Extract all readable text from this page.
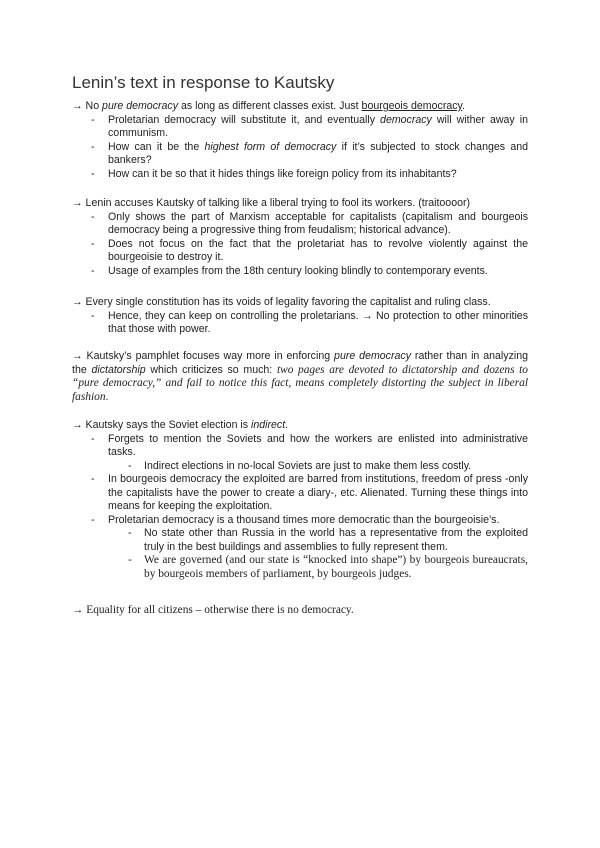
Lenin’s text in response to Kautsky

→ No pure democracy as long as different classes exist. Just bourgeois democracy.

- Proletarian democracy will substitute it, and eventually democracy will wither away in communism.
- How can it be the highest form of democracy if it’s subjected to stock changes and bankers?
- How can it be so that it hides things like foreign policy from its inhabitants?

→ Lenin accuses Kautsky of talking like a liberal trying to fool its workers. (traitoooor)

- Only shows the part of Marxism acceptable for capitalists (capitalism and bourgeois democracy being a progressive thing from feudalism; historical advance).
- Does not focus on the fact that the proletariat has to revolve violently against the bourgeoisie to destroy it.
- Usage of examples from the 18th century looking blindly to contemporary events.

→ Every single constitution has its voids of legality favoring the capitalist and ruling class.

- Hence, they can keep on controlling the proletarians. → No protection to other minorities that those with power.

→ Kautsky’s pamphlet focuses way more in enforcing pure democracy rather than in analyzing the dictatorship which criticizes so much: two pages are devoted to dictatorship and dozens to “pure democracy,” and fail to notice this fact, means completely distorting the subject in liberal fashion.

→ Kautsky says the Soviet election is indirect.

- Forgets to mention the Soviets and how the workers are enlisted into administrative tasks.
- Indirect elections in no-local Soviets are just to make them less costly.
- In bourgeois democracy the exploited are barred from institutions, freedom of press -only the capitalists have the power to create a diary-, etc. Alienated. Turning these things into means for keeping the exploitation.
- Proletarian democracy is a thousand times more democratic than the bourgeoisie’s.
- No state other than Russia in the world has a representative from the exploited truly in the best buildings and assemblies to fully represent them.
- We are governed (and our state is “knocked into shape”) by bourgeois bureaucrats, by bourgeois members of parliament, by bourgeois judges.

→ Equality for all citizens – otherwise there is no democracy.
